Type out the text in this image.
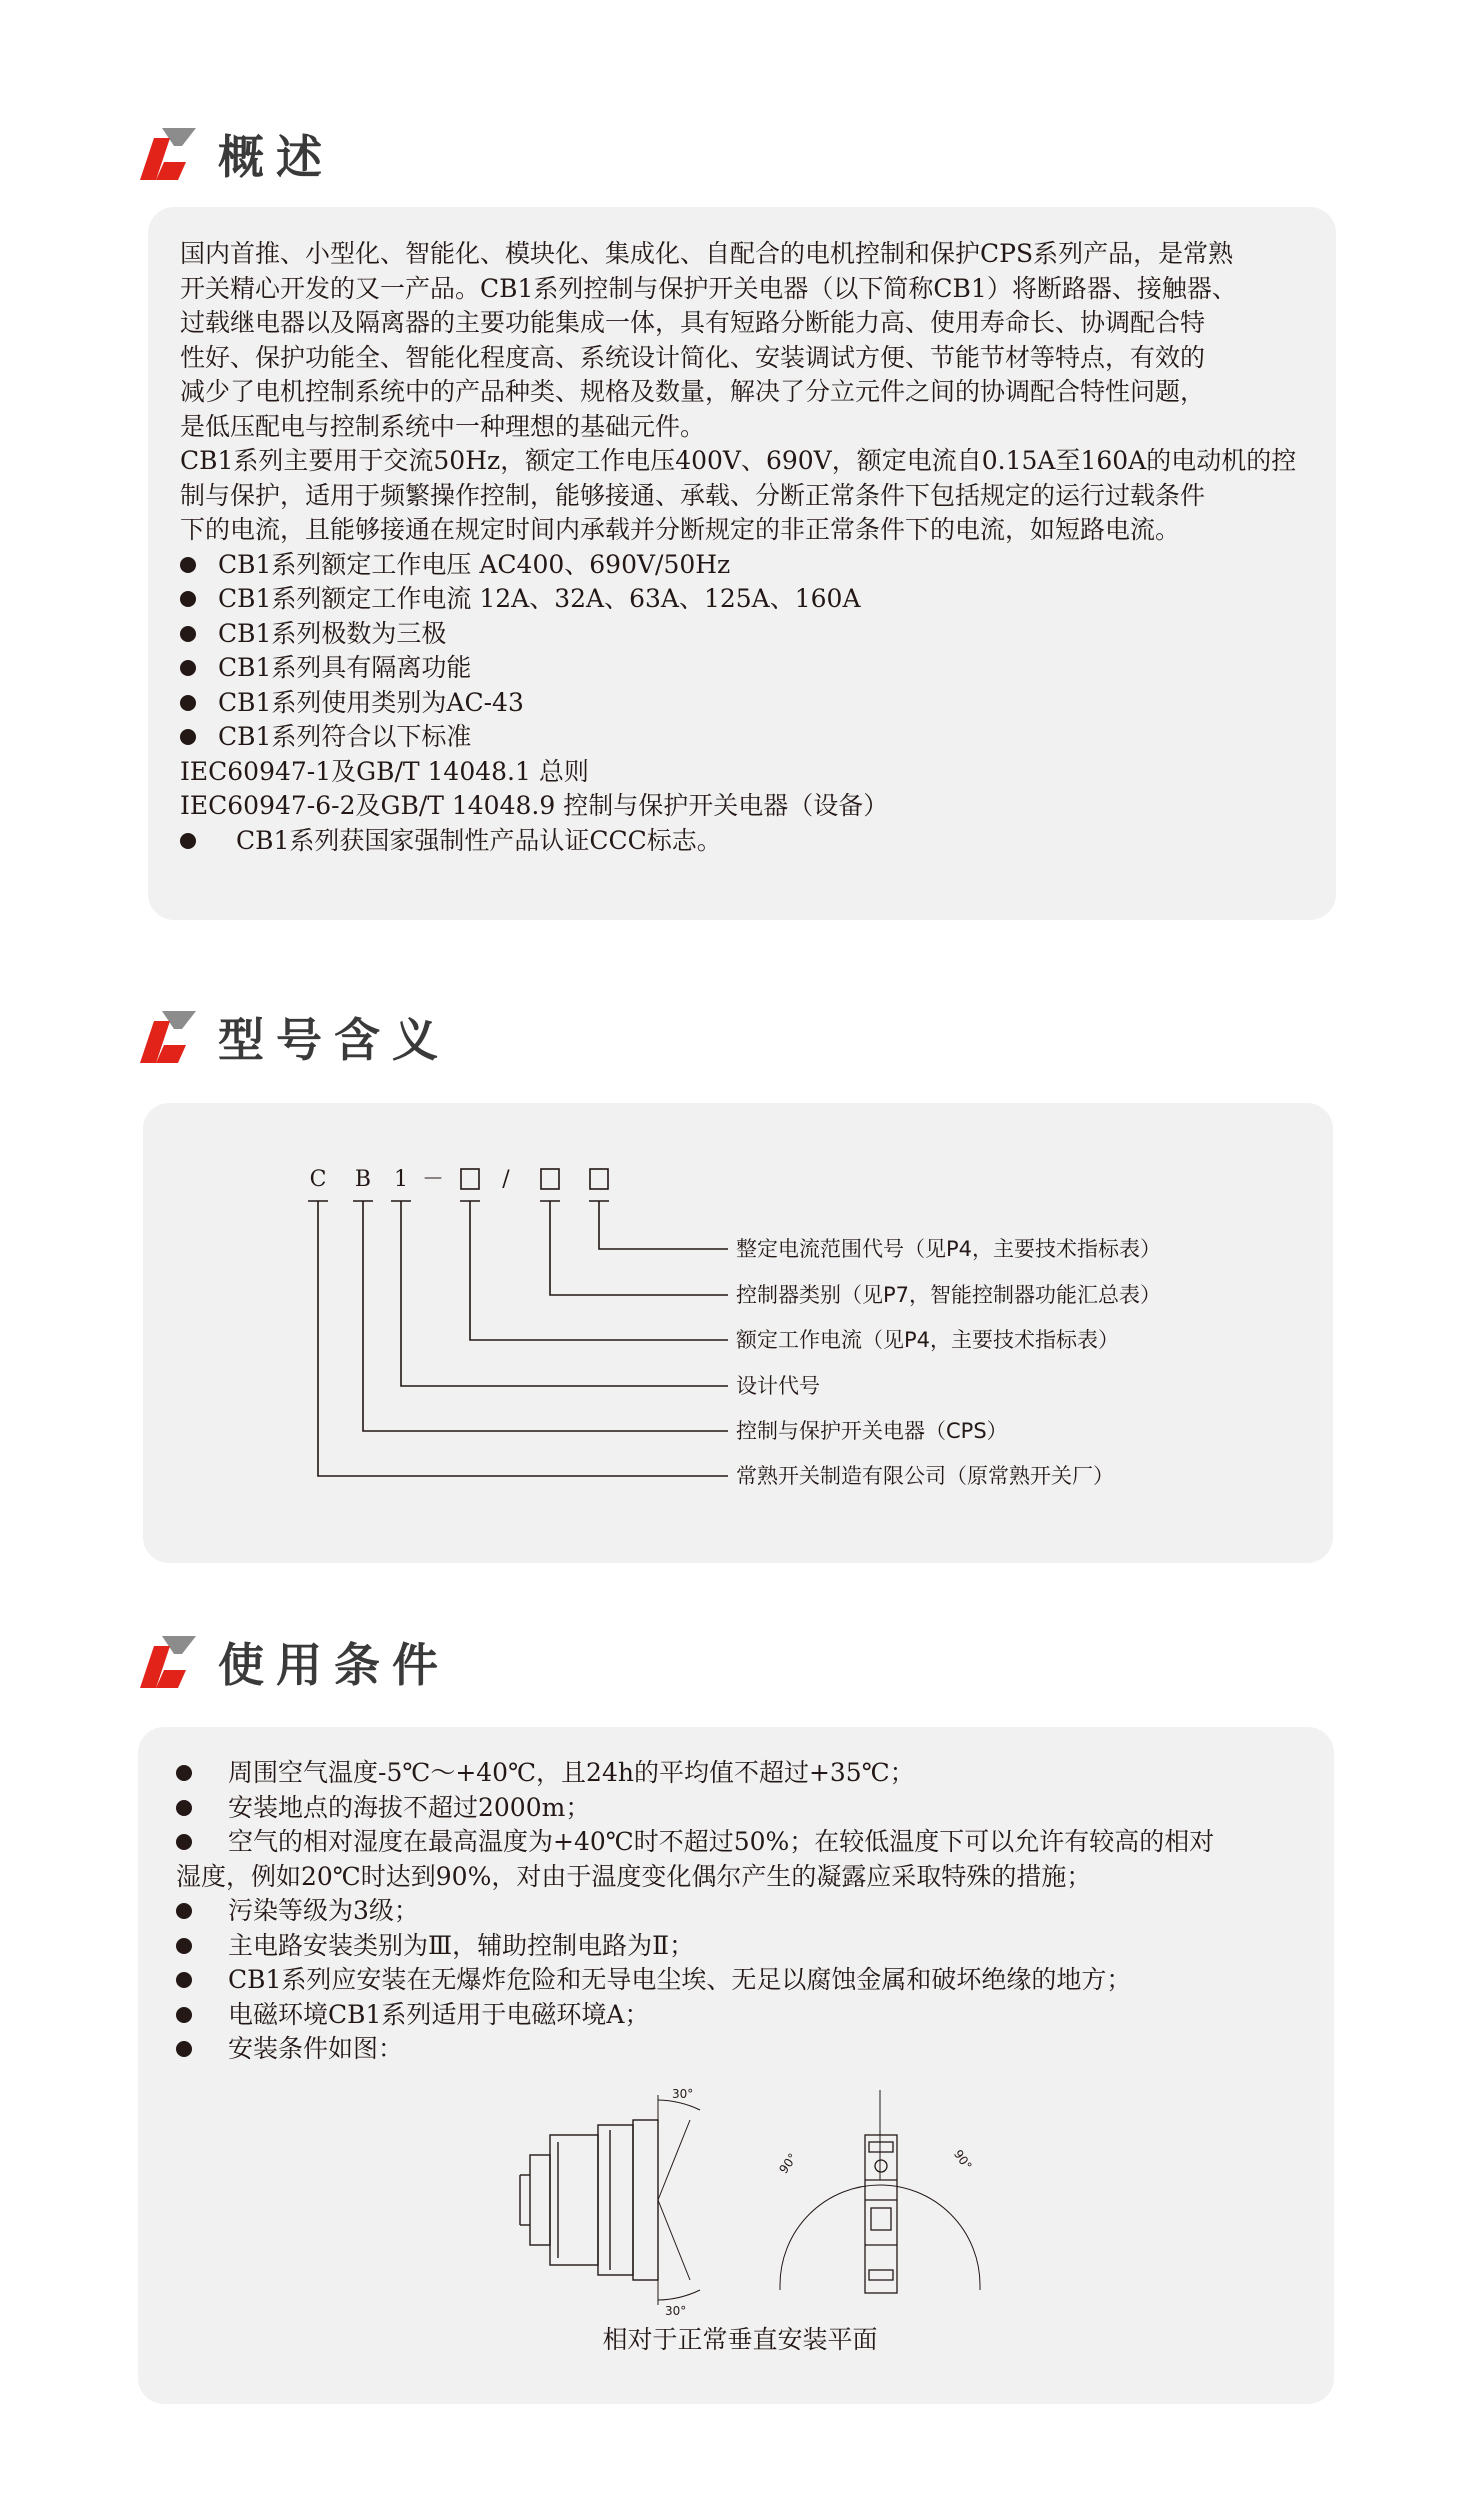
概述

国内首推、小型化、智能化、模块化、集成化、自配合的电机控制和保护CPS系列产品，是常熟

开关精心开发的又一产品。CB1系列控制与保护开关电器（以下简称CB1）将断路器、接触器、

过载继电器以及隔离器的主要功能集成一体，具有短路分断能力高、使用寿命长、协调配合特

性好、保护功能全、智能化程度高、系统设计简化、安装调试方便、节能节材等特点，有效的

减少了电机控制系统中的产品种类、规格及数量，解决了分立元件之间的协调配合特性问题，

是低压配电与控制系统中一种理想的基础元件。

CB1系列主要用于交流50Hz，额定工作电压400V、690V，额定电流自0.15A至160A的电动机的控

制与保护，适用于频繁操作控制，能够接通、承载、分断正常条件下包括规定的运行过载条件

下的电流，且能够接通在规定时间内承载并分断规定的非正常条件下的电流，如短路电流。

CB1系列额定工作电压 AC400、690V/50Hz
CB1系列额定工作电流 12A、32A、63A、125A、160A
CB1系列极数为三极
CB1系列具有隔离功能
CB1系列使用类别为AC-43
CB1系列符合以下标准

IEC60947-1及GB/T 14048.1 总则

IEC60947-6-2及GB/T 14048.9 控制与保护开关电器（设备）

CB1系列获国家强制性产品认证CCC标志。
型号含义
C B 1 －	/
整定电流范围代号（见P4，主要技术指标表）
控制器类别（见P7，智能控制器功能汇总表）
额定工作电流（见P4，主要技术指标表）
设计代号
控制与保护开关电器（CPS）
常熟开关制造有限公司（原常熟开关厂）
使用条件
周围空气温度-5℃～+40℃，且24h的平均值不超过+35℃；
安装地点的海拔不超过2000m；
空气的相对湿度在最高温度为+40℃时不超过50%；在较低温度下可以允许有较高的相对

湿度，例如20℃时达到90%，对由于温度变化偶尔产生的凝露应采取特殊的措施；

污染等级为3级；
主电路安装类别为Ⅲ，辅助控制电路为Ⅱ；
CB1系列应安装在无爆炸危险和无导电尘埃、无足以腐蚀金属和破坏绝缘的地方；
电磁环境CB1系列适用于电磁环境A；
安装条件如图：
30°
30°
90°	90°
相对于正常垂直安装平面
